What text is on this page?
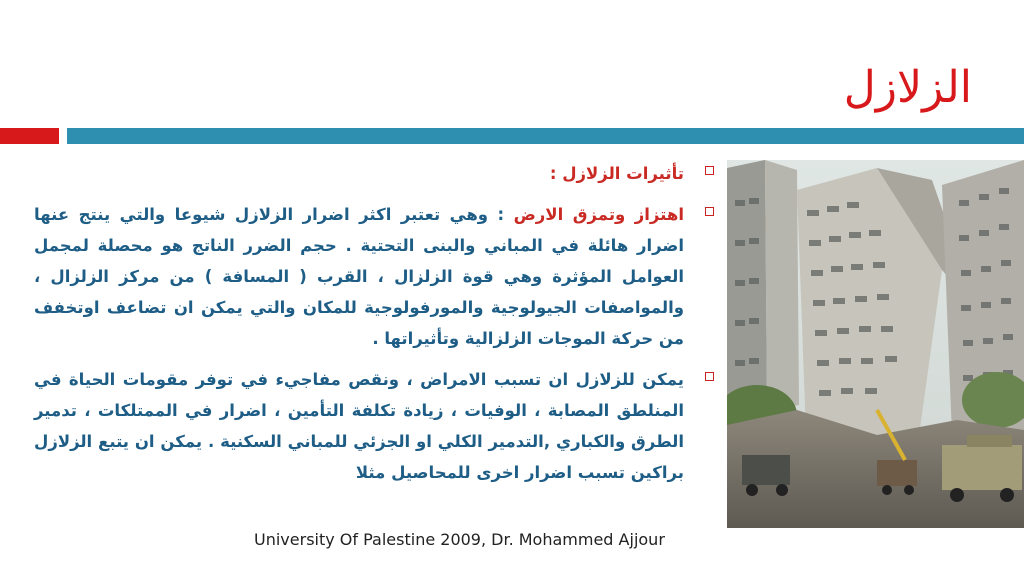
الزلازل
تأثيرات الزلازل :
اهتزاز وتمزق الارض : وهي تعتبر اكثر اضرار الزلازل شيوعا والتي ينتج عنها اضرار هائلة في المباني والبنى التحتية . حجم الضرر الناتج هو محصلة لمجمل العوامل المؤثرة وهي قوة الزلزال ، القرب ( المسافة ) من مركز الزلزال ، والمواصفات الجيولوجية والمورفولوجية للمكان والتي يمكن ان تضاعف اوتخفف من حركة الموجات الزلزالية وتأثيراتها .
يمكن للزلازل ان تسبب الامراض ، ونقص مفاجيء في توفر مقومات الحياة في المنلطق المصابة ، الوفيات ، زيادة تكلفة التأمين ، اضرار في الممتلكات ، تدمير الطرق والكباري ,التدمير الكلي او الجزئي للمباني السكنية . يمكن ان يتبع الزلازل براكين تسبب اضرار اخرى للمحاصيل مثلا
University Of Palestine 2009, Dr. Mohammed Ajjour
